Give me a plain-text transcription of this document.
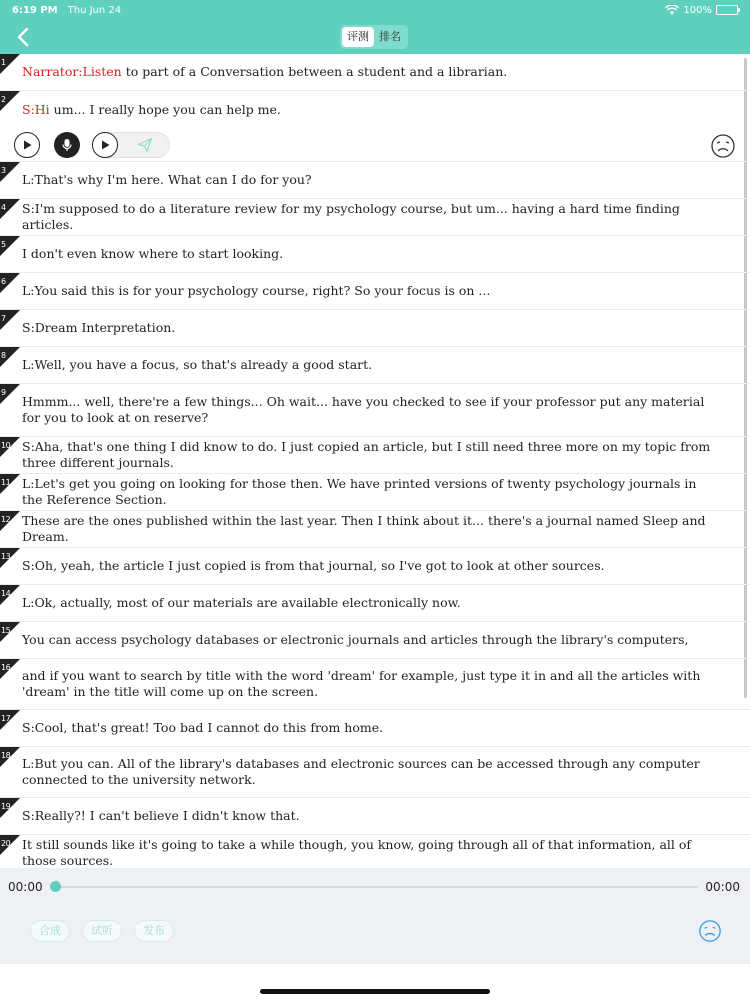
6:19 PM Thu Jun 24	100%
评测 排名
1
Narrator:Listen to part of a Conversation between a student and a librarian.
2
S:Hi um... I really hope you can help me.
3
L:That's why I'm here. What can I do for you?
4 S:I'm supposed to do a literature review for my psychology course, but um... having a hard time finding articles.
5
I don't even know where to start looking.
6
L:You said this is for your psychology course, right? So your focus is on ...
7
S:Dream Interpretation.
8
L:Well, you have a focus, so that's already a good start.
9
Hmmm... well, there're a few things... Oh wait... have you checked to see if your professor put any material for you to look at on reserve?
10 S:Aha, that's one thing I did know to do. I just copied an article, but I still need three more on my topic from three different journals.
11 L:Let's get you going on looking for those then. We have printed versions of twenty psychology journals in the Reference Section.
12 These are the ones published within the last year. Then I think about it... there's a journal named Sleep and Dream.
13
S:Oh, yeah, the article I just copied is from that journal, so I've got to look at other sources.
14
L:Ok, actually, most of our materials are available electronically now.
15
You can access psychology databases or electronic journals and articles through the library's computers,
16
and if you want to search by title with the word 'dream' for example, just type it in and all the articles with 'dream' in the title will come up on the screen.
17
S:Cool, that's great! Too bad I cannot do this from home.
18
L:But you can. All of the library's databases and electronic sources can be accessed through any computer connected to the university network.
19
S:Really?! I can't believe I didn't know that.
20 It still sounds like it's going to take a while though, you know, going through all of that information, all of those sources.
00:00	00:00
合成	试听	发布
